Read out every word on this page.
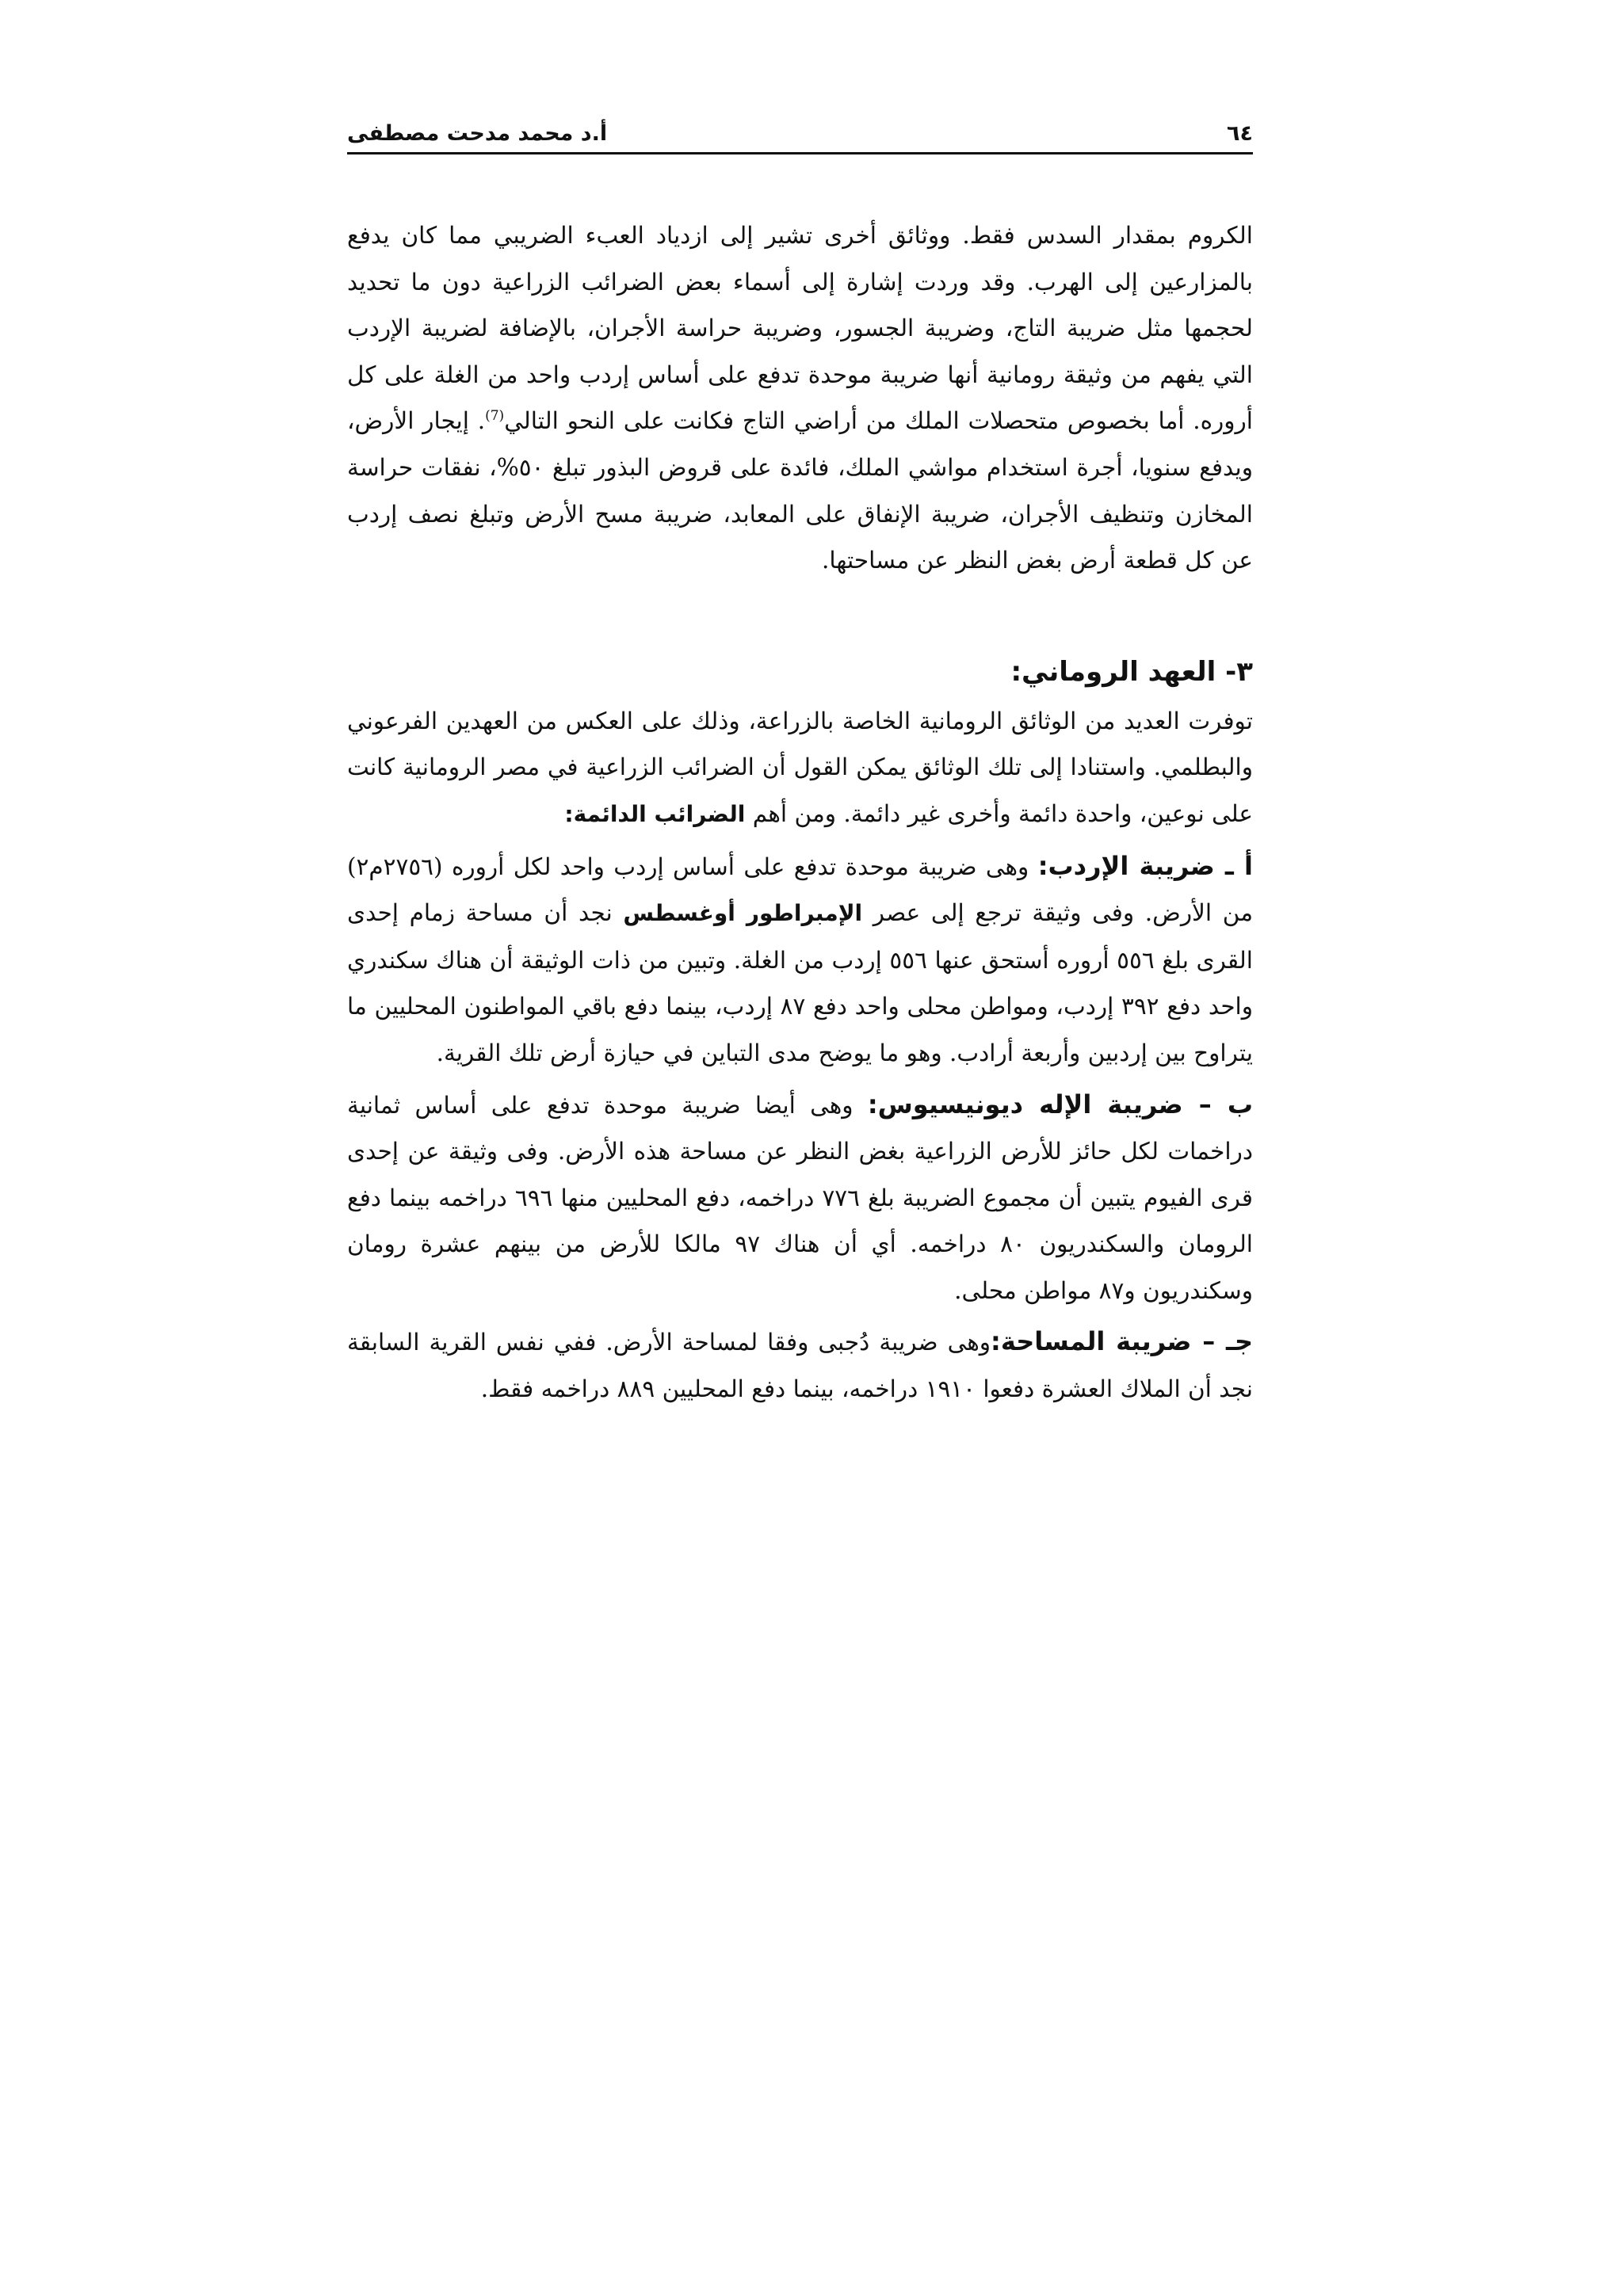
٦٤
أ.د محمد مدحت مصطفى

الكروم بمقدار السدس فقط. ووثائق أخرى تشير إلى ازدياد العبء الضريبي مما كان يدفع بالمزارعين إلى الهرب. وقد وردت إشارة إلى أسماء بعض الضرائب الزراعية دون ما تحديد لحجمها مثل ضريبة التاج، وضريبة الجسور، وضريبة حراسة الأجران، بالإضافة لضريبة الإردب التي يفهم من وثيقة رومانية أنها ضريبة موحدة تدفع على أساس إردب واحد من الغلة على كل أروره. أما بخصوص متحصلات الملك من أراضي التاج فكانت على النحو التالي$^{(7)}$. إيجار الأرض، ويدفع سنويا، أجرة استخدام مواشي الملك، فائدة على قروض البذور تبلغ ٥٠%، نفقات حراسة المخازن وتنظيف الأجران، ضريبة الإنفاق على المعابد، ضريبة مسح الأرض وتبلغ نصف إردب عن كل قطعة أرض بغض النظر عن مساحتها.

٣- العهد الروماني:

توفرت العديد من الوثائق الرومانية الخاصة بالزراعة، وذلك على العكس من العهدين الفرعوني والبطلمي. واستنادا إلى تلك الوثائق يمكن القول أن الضرائب الزراعية في مصر الرومانية كانت على نوعين، واحدة دائمة وأخرى غير دائمة. ومن أهم الضرائب الدائمة:

أ ـ ضريبة الإردب: وهى ضريبة موحدة تدفع على أساس إردب واحد لكل أروره (٢٧٥٦م٢) من الأرض. وفى وثيقة ترجع إلى عصر الإمبراطور أوغسطس نجد أن مساحة زمام إحدى القرى بلغ ٥٥٦ أروره أستحق عنها ٥٥٦ إردب من الغلة. وتبين من ذات الوثيقة أن هناك سكندري واحد دفع ٣٩٢ إردب، ومواطن محلى واحد دفع ٨٧ إردب، بينما دفع باقي المواطنون المحليين ما يتراوح بين إردبين وأربعة أرادب. وهو ما يوضح مدى التباين في حيازة أرض تلك القرية.

ب – ضريبة الإله ديونيسيوس: وهى أيضا ضريبة موحدة تدفع على أساس ثمانية دراخمات لكل حائز للأرض الزراعية بغض النظر عن مساحة هذه الأرض. وفى وثيقة عن إحدى قرى الفيوم يتبين أن مجموع الضريبة بلغ ٧٧٦ دراخمه، دفع المحليين منها ٦٩٦ دراخمه بينما دفع الرومان والسكندريون ٨٠ دراخمه. أي أن هناك ٩٧ مالكا للأرض من بينهم عشرة رومان وسكندريون و٨٧ مواطن محلى.

جـ – ضريبة المساحة:وهى ضريبة دُجبى وفقا لمساحة الأرض. ففي نفس القرية السابقة نجد أن الملاك العشرة دفعوا ١٩١٠ دراخمه، بينما دفع المحليين ٨٨٩ دراخمه فقط.
